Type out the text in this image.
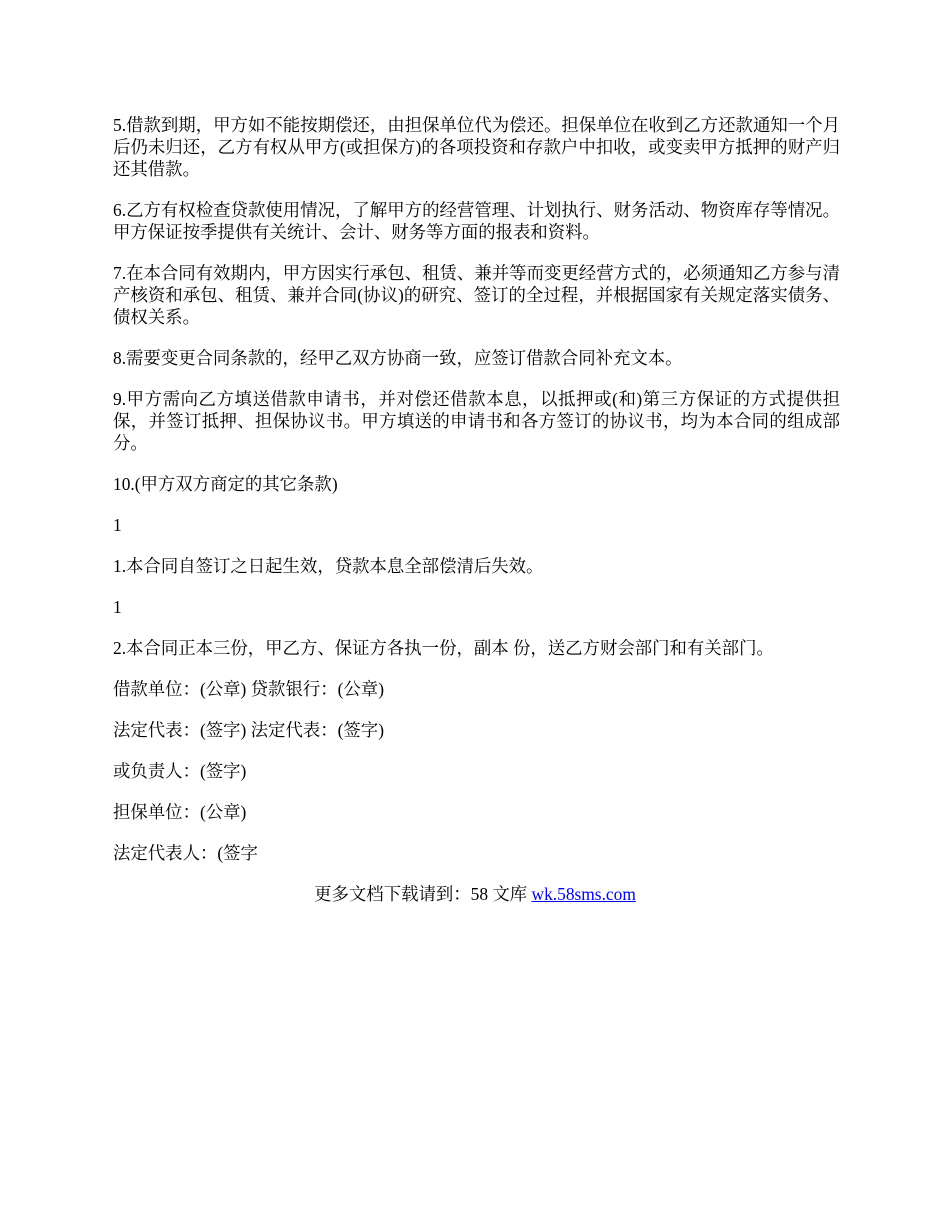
5.借款到期，甲方如不能按期偿还，由担保单位代为偿还。担保单位在收到乙方还款通知一个月后仍未归还，乙方有权从甲方(或担保方)的各项投资和存款户中扣收，或变卖甲方抵押的财产归还其借款。

6.乙方有权检查贷款使用情况，了解甲方的经营管理、计划执行、财务活动、物资库存等情况。甲方保证按季提供有关统计、会计、财务等方面的报表和资料。

7.在本合同有效期内，甲方因实行承包、租赁、兼并等而变更经营方式的，必须通知乙方参与清产核资和承包、租赁、兼并合同(协议)的研究、签订的全过程，并根据国家有关规定落实债务、债权关系。

8.需要变更合同条款的，经甲乙双方协商一致，应签订借款合同补充文本。

9.甲方需向乙方填送借款申请书，并对偿还借款本息，以抵押或(和)第三方保证的方式提供担保，并签订抵押、担保协议书。甲方填送的申请书和各方签订的协议书，均为本合同的组成部分。

10.(甲方双方商定的其它条款)

1

1.本合同自签订之日起生效，贷款本息全部偿清后失效。

1

2.本合同正本三份，甲乙方、保证方各执一份，副本 份，送乙方财会部门和有关部门。

借款单位：(公章) 贷款银行：(公章)

法定代表：(签字) 法定代表：(签字)

或负责人：(签字)

担保单位：(公章)

法定代表人：(签字

更多文档下载请到：58 文库 wk.58sms.com
